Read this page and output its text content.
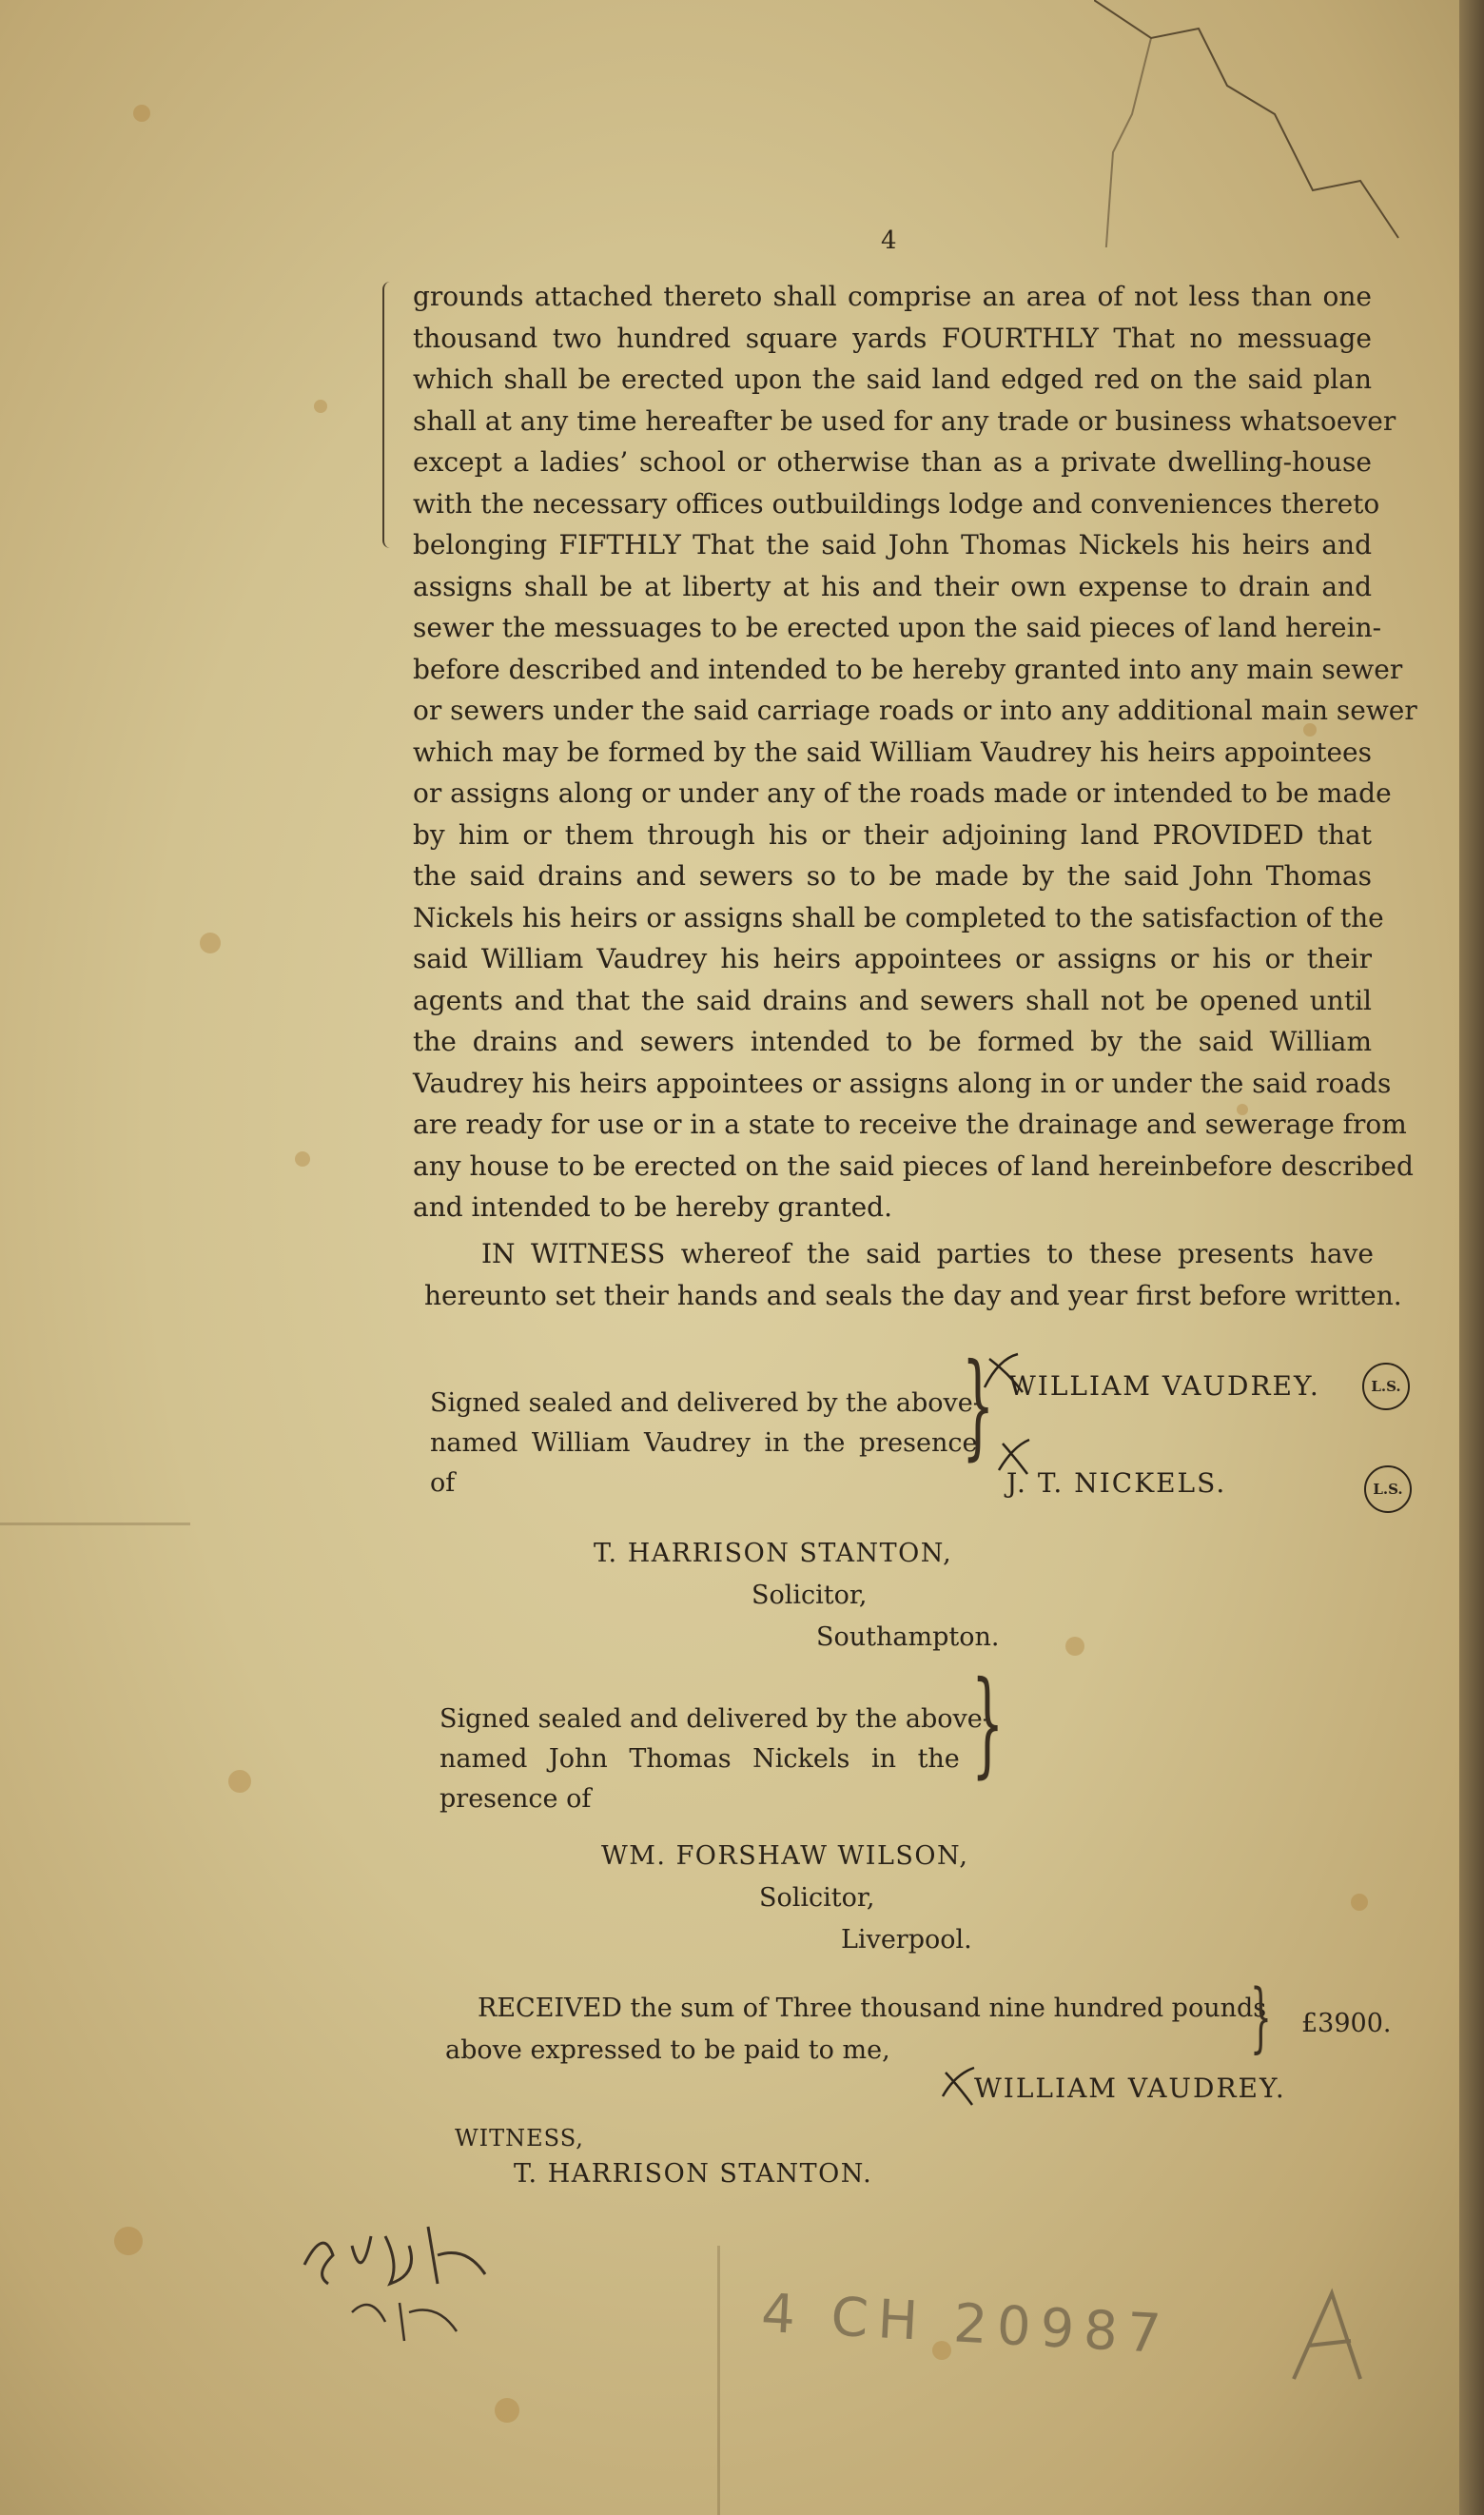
4
grounds attached thereto shall comprise an area of not less than one
thousand two hundred square yards FOURTHLY That no messuage
which shall be erected upon the said land edged red on the said plan
shall at any time hereafter be used for any trade or business whatsoever
except a ladies’ school or otherwise than as a private dwelling-house
with the necessary offices outbuildings lodge and conveniences thereto
belonging FIFTHLY That the said John Thomas Nickels his heirs and
assigns shall be at liberty at his and their own expense to drain and
sewer the messuages to be erected upon the said pieces of land herein-
before described and intended to be hereby granted into any main sewer
or sewers under the said carriage roads or into any additional main sewer
which may be formed by the said William Vaudrey his heirs appointees
or assigns along or under any of the roads made or intended to be made
by him or them through his or their adjoining land PROVIDED that
the said drains and sewers so to be made by the said John Thomas
Nickels his heirs or assigns shall be completed to the satisfaction of the
said William Vaudrey his heirs appointees or assigns or his or their
agents and that the said drains and sewers shall not be opened until
the drains and sewers intended to be formed by the said William
Vaudrey his heirs appointees or assigns along in or under the said roads
are ready for use or in a state to receive the drainage and sewerage from
any house to be erected on the said pieces of land hereinbefore described
and intended to be hereby granted.
IN WITNESS whereof the said parties to these presents have
hereunto set their hands and seals the day and year first before written.
Signed sealed and delivered by the above-
named William Vaudrey in the presence
of
} WILLIAM VAUDREY.
J. T. NICKELS.
L.S.
L.S.
T. HARRISON STANTON,
Solicitor,
Southampton.
Signed sealed and delivered by the above-
named John Thomas Nickels in the
presence of
}
WM. FORSHAW WILSON,
Solicitor,
Liverpool.
RECEIVED the sum of Three thousand nine hundred pounds
above expressed to be paid to me,	} £3900.
WILLIAM VAUDREY.
WITNESS,
T. HARRISON STANTON.
4 CH 20987
